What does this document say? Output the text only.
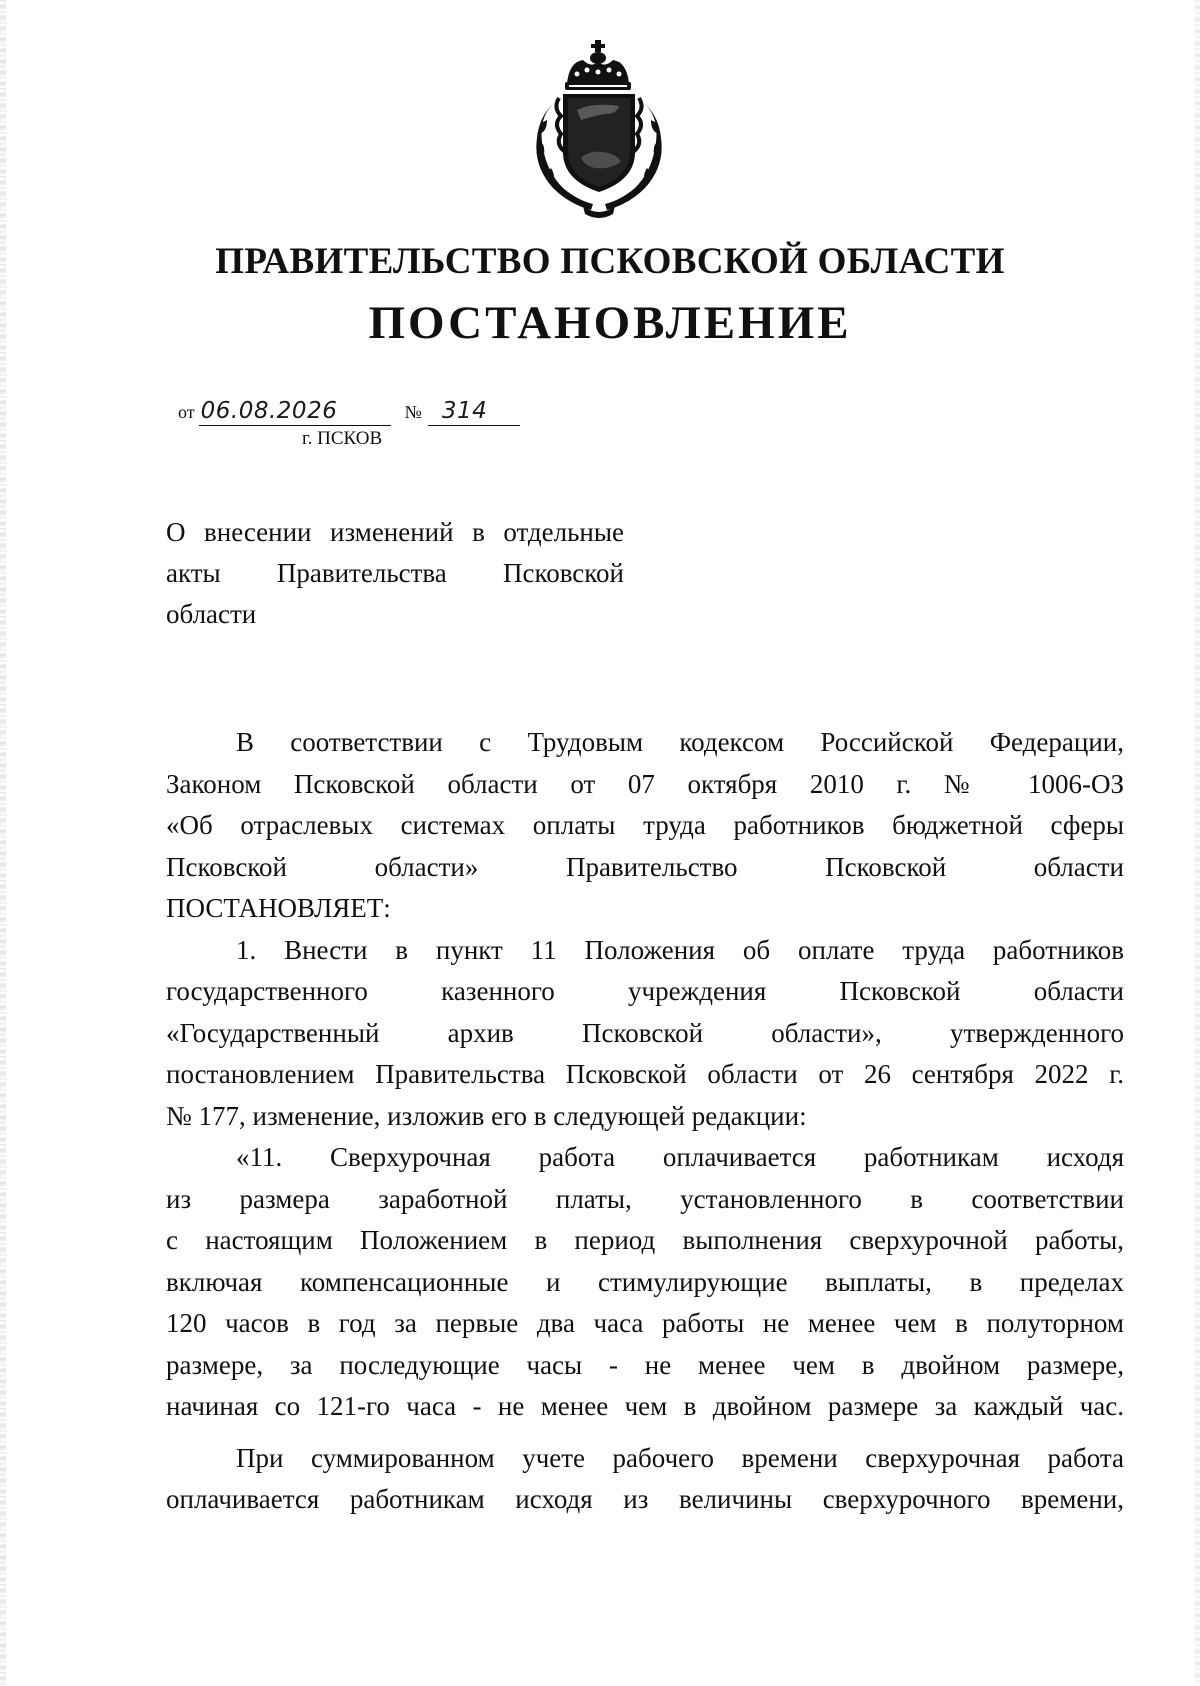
ПРАВИТЕЛЬСТВО ПСКОВСКОЙ ОБЛАСТИ
ПОСТАНОВЛЕНИЕ
от 06.08.2026	№ 314
г. ПСКОВ
О внесении изменений в отдельные
акты Правительства Псковской
области

В соответствии с Трудовым кодексом Российской Федерации,
Законом Псковской области от 07 октября 2010 г. № 1006-ОЗ
«Об отраслевых системах оплаты труда работников бюджетной сферы
Псковской области» Правительство Псковской области
ПОСТАНОВЛЯЕТ:

1. Внести в пункт 11 Положения об оплате труда работников
государственного казенного учреждения Псковской области
«Государственный архив Псковской области», утвержденного
постановлением Правительства Псковской области от 26 сентября 2022 г.
№ 177, изменение, изложив его в следующей редакции:

«11. Сверхурочная работа оплачивается работникам исходя
из размера заработной платы, установленного в соответствии
с настоящим Положением в период выполнения сверхурочной работы,
включая компенсационные и стимулирующие выплаты, в пределах
120 часов в год за первые два часа работы не менее чем в полуторном
размере, за последующие часы - не менее чем в двойном размере,
начиная со 121-го часа - не менее чем в двойном размере за каждый час.

При суммированном учете рабочего времени сверхурочная работа
оплачивается работникам исходя из величины сверхурочного времени,
